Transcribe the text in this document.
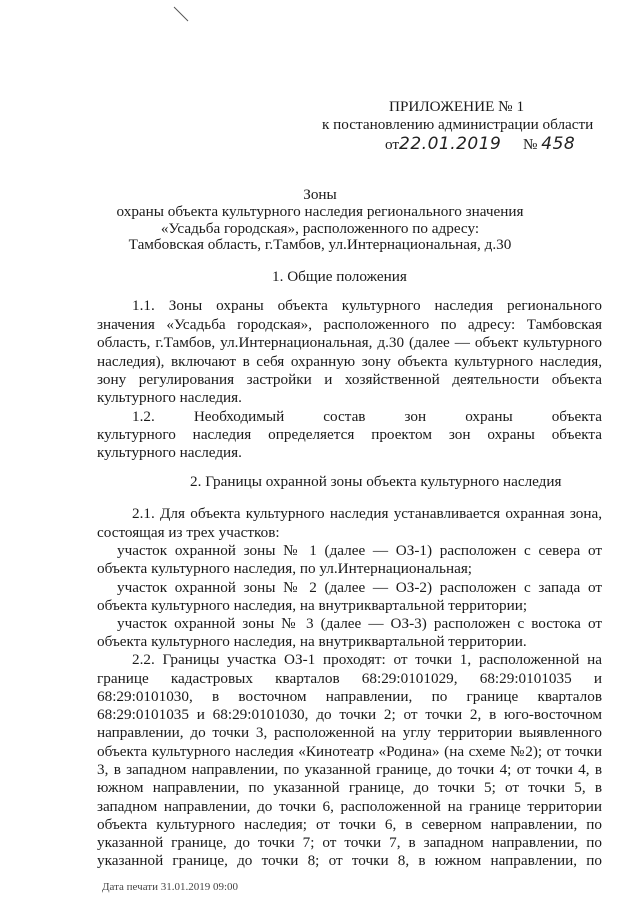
ПРИЛОЖЕНИЕ № 1
к постановлению администрации области
от22.01.2019 № 458
Зоны
охраны объекта культурного наследия регионального значения
«Усадьба городская», расположенного по адресу:
Тамбовская область, г.Тамбов, ул.Интернациональная, д.30
1. Общие положения
1.1. Зоны охраны объекта культурного наследия регионального
значения «Усадьба городская», расположенного по адресу: Тамбовская
область, г.Тамбов, ул.Интернациональная, д.30 (далее — объект культурного
наследия), включают в себя охранную зону объекта культурного наследия,
зону регулирования застройки и хозяйственной деятельности объекта
культурного наследия.
1.2. Необходимый состав зон охраны объекта
культурного наследия определяется проектом зон охраны объекта
культурного наследия.
2. Границы охранной зоны объекта культурного наследия
2.1. Для объекта культурного наследия устанавливается охранная зона,
состоящая из трех участков:
участок охранной зоны № 1 (далее — ОЗ-1) расположен с севера от
объекта культурного наследия, по ул.Интернациональная;
участок охранной зоны № 2 (далее — ОЗ-2) расположен с запада от
объекта культурного наследия, на внутриквартальной территории;
участок охранной зоны № 3 (далее — ОЗ-3) расположен с востока от
объекта культурного наследия, на внутриквартальной территории.
2.2. Границы участка ОЗ-1 проходят: от точки 1, расположенной на
границе кадастровых кварталов 68:29:0101029, 68:29:0101035 и
68:29:0101030, в восточном направлении, по границе кварталов
68:29:0101035 и 68:29:0101030, до точки 2; от точки 2, в юго-восточном
направлении, до точки 3, расположенной на углу территории выявленного
объекта культурного наследия «Кинотеатр «Родина» (на схеме №2); от точки
3, в западном направлении, по указанной границе, до точки 4; от точки 4, в
южном направлении, по указанной границе, до точки 5; от точки 5, в
западном направлении, до точки 6, расположенной на границе территории
объекта культурного наследия; от точки 6, в северном направлении, по
указанной границе, до точки 7; от точки 7, в западном направлении, по
указанной границе, до точки 8; от точки 8, в южном направлении, по
Дата печати 31.01.2019 09:00
